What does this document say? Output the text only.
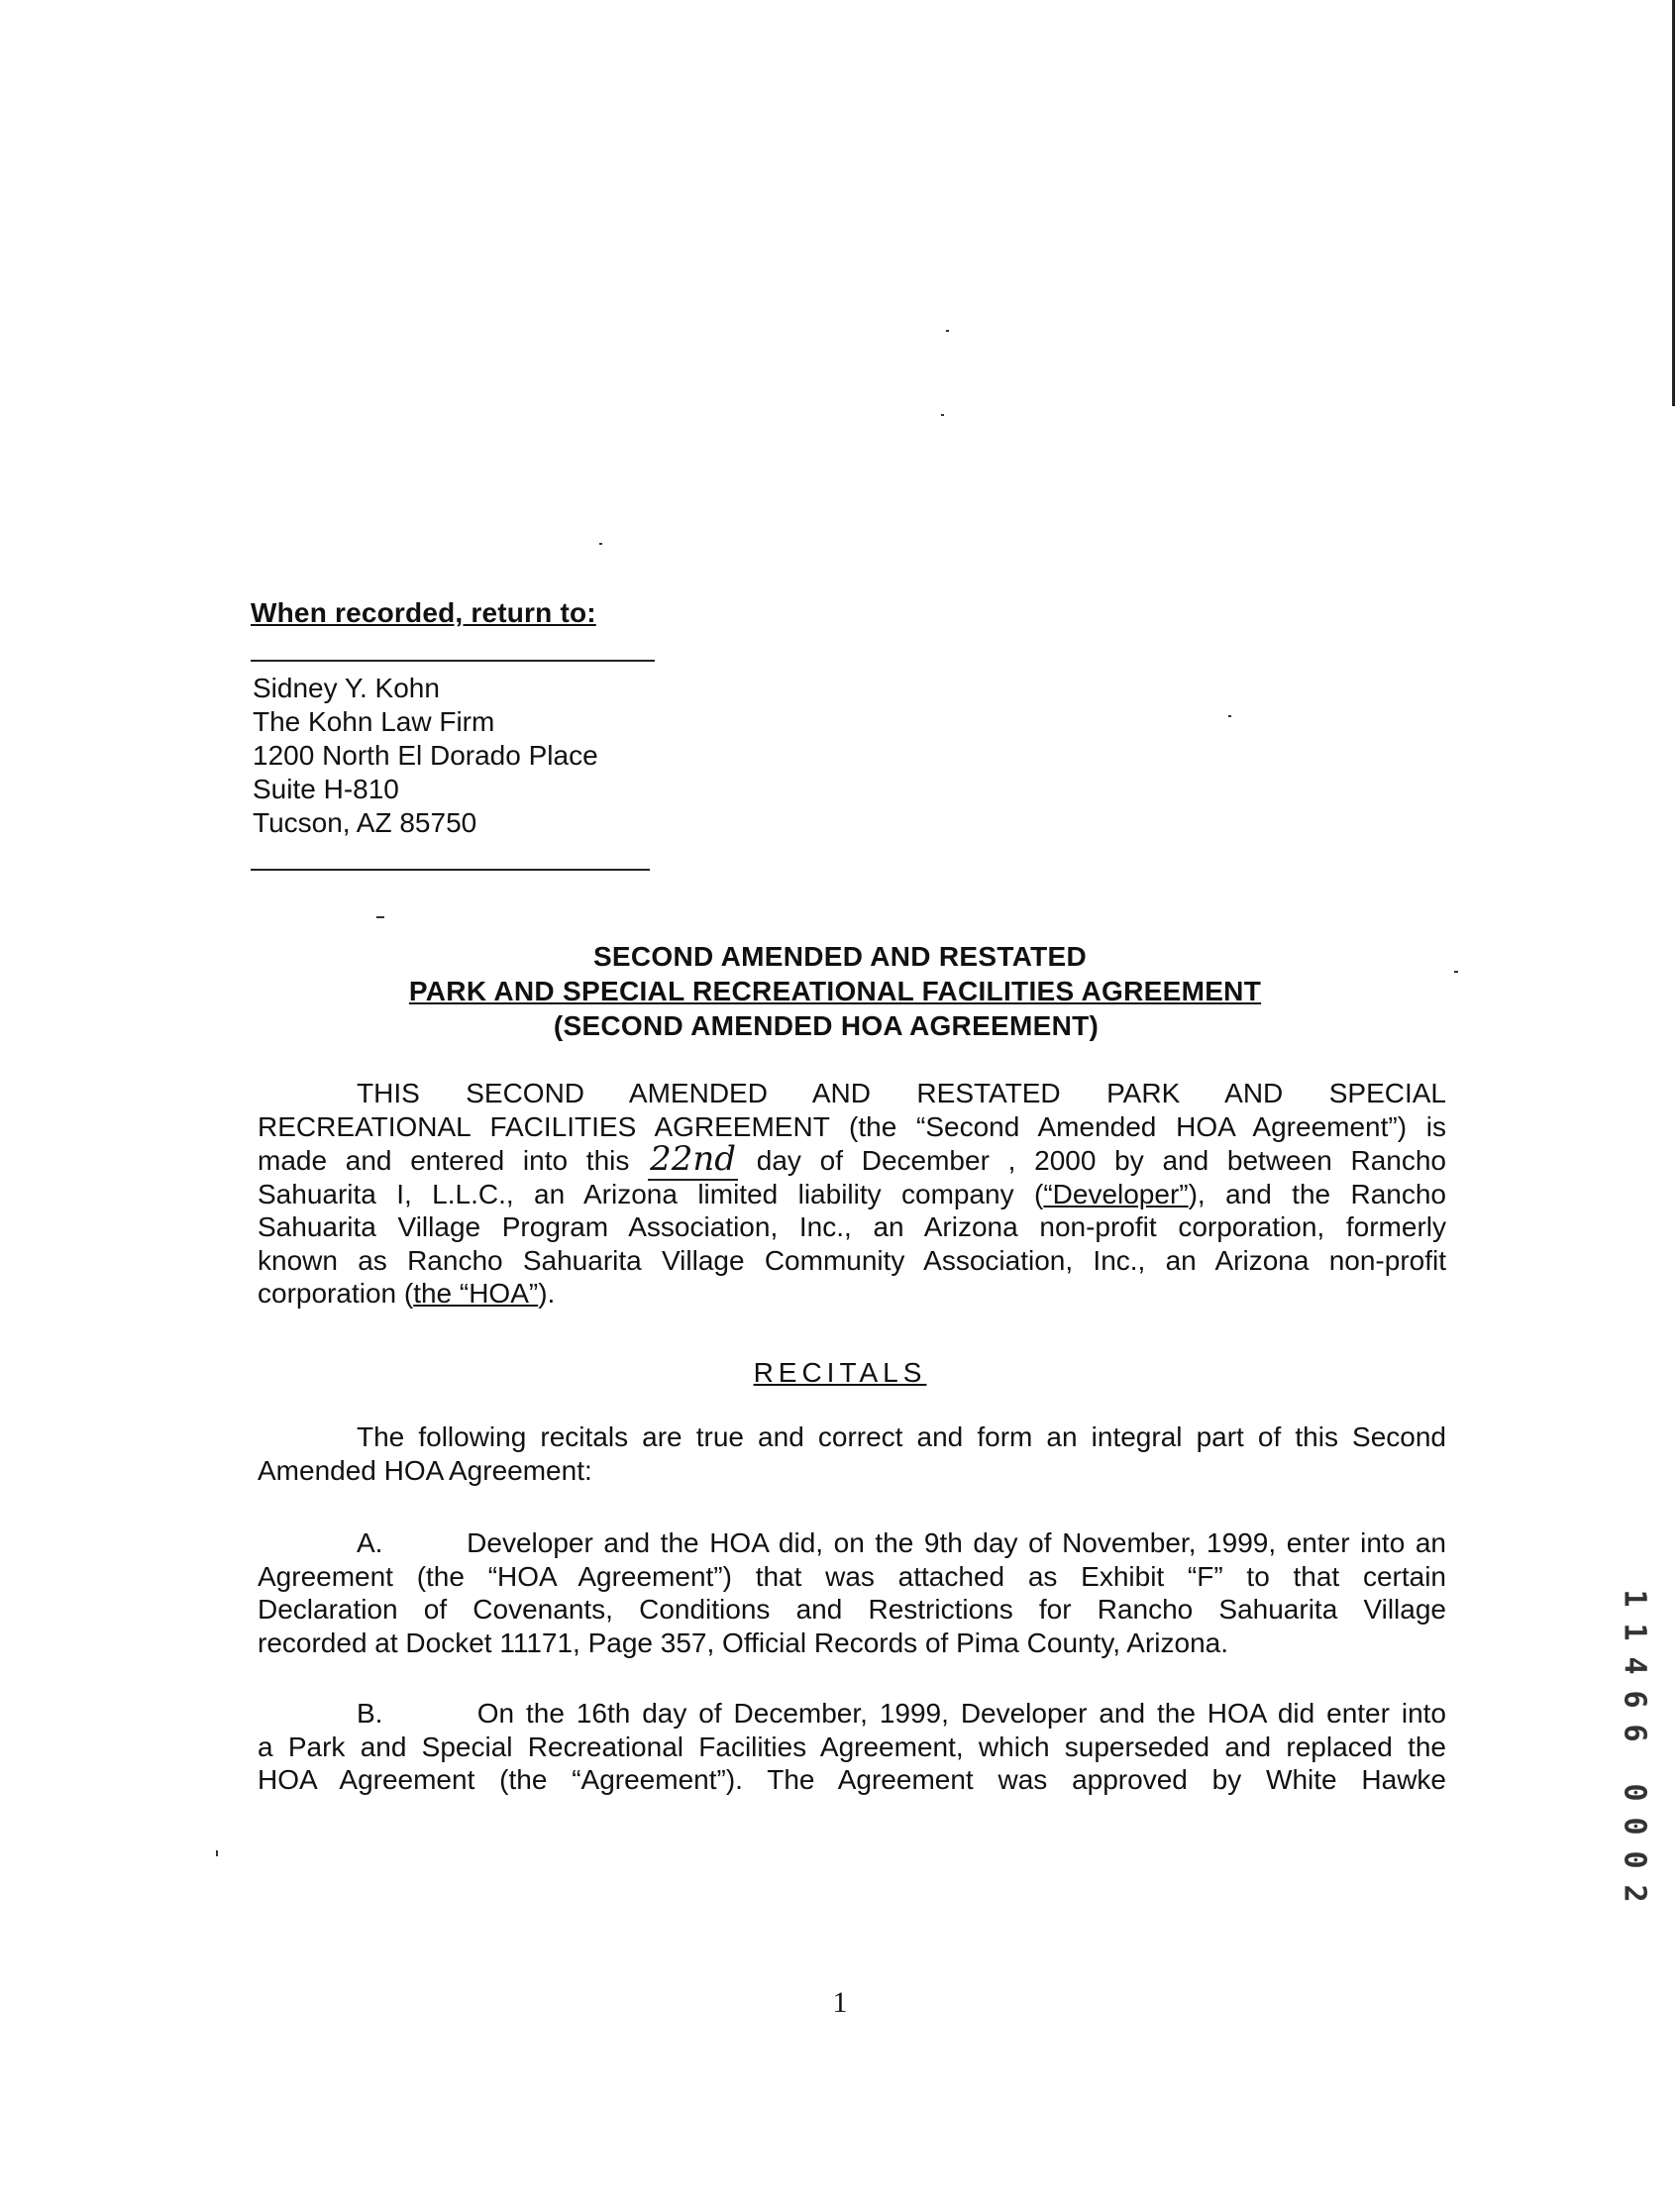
When recorded, return to:
Sidney Y. Kohn
The Kohn Law Firm
1200 North El Dorado Place
Suite H-810
Tucson, AZ 85750
SECOND AMENDED AND RESTATED
PARK AND SPECIAL RECREATIONAL FACILITIES AGREEMENT
(SECOND AMENDED HOA AGREEMENT)
THIS SECOND AMENDED AND RESTATED PARK AND SPECIAL
RECREATIONAL FACILITIES AGREEMENT (the “Second Amended HOA Agreement”) is
made and entered into this 22nd day of December , 2000 by and between Rancho
Sahuarita I, L.L.C., an Arizona limited liability company (“Developer”), and the Rancho
Sahuarita Village Program Association, Inc., an Arizona non-profit corporation, formerly
known as Rancho Sahuarita Village Community Association, Inc., an Arizona non-profit
corporation (the “HOA”).
RECITALS
The following recitals are true and correct and form an integral part of this Second
Amended HOA Agreement:
A.        Developer and the HOA did, on the 9th day of November, 1999, enter into an
Agreement (the “HOA Agreement”) that was attached as Exhibit “F” to that certain
Declaration of Covenants, Conditions and Restrictions for Rancho Sahuarita Village
recorded at Docket 11171, Page 357, Official Records of Pima County, Arizona.
B.        On the 16th day of December, 1999, Developer and the HOA did enter into
a Park and Special Recreational Facilities Agreement, which superseded and replaced the
HOA Agreement (the “Agreement”). The Agreement was approved by White Hawke
1
1
1
4
6
6
0
0
0
2
